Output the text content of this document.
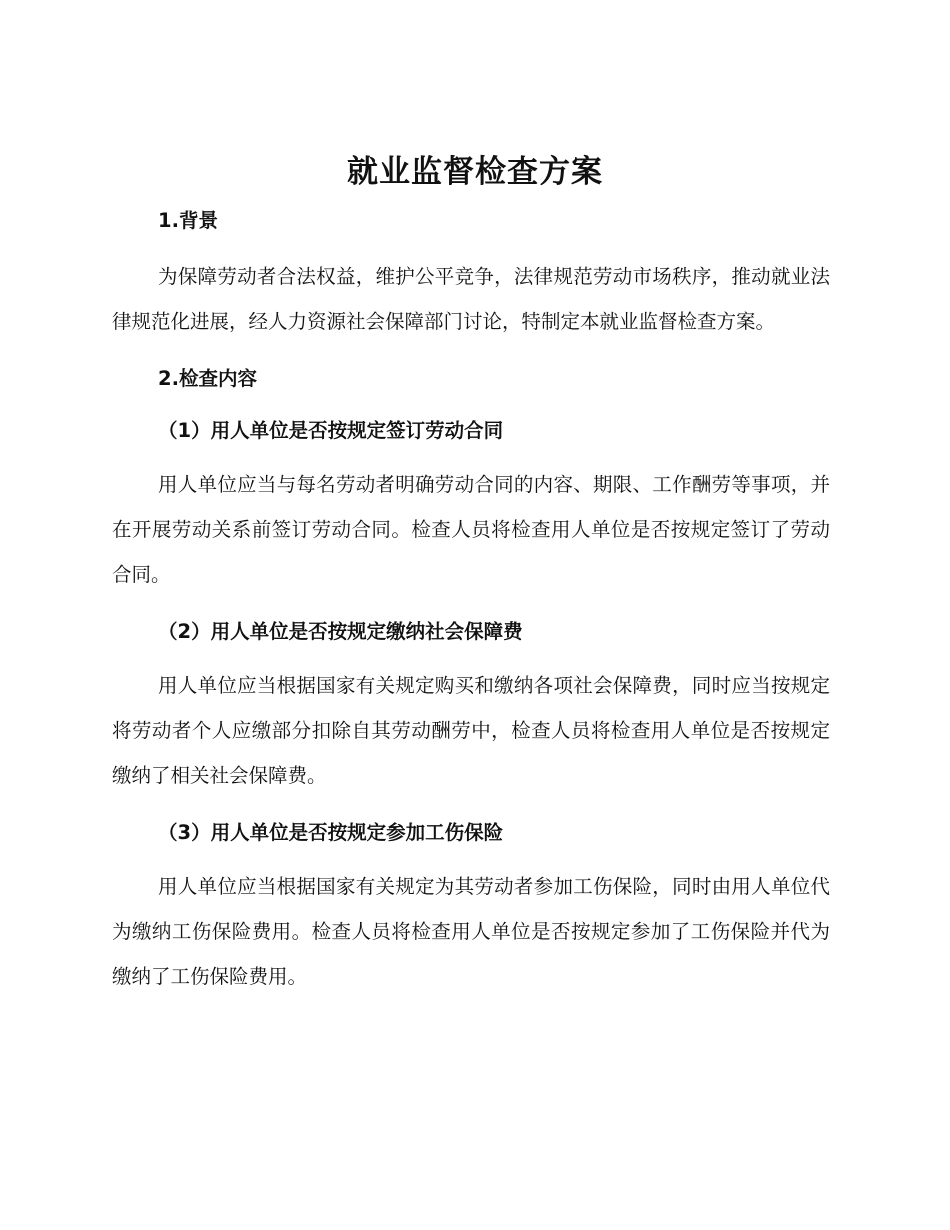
就业监督检查方案
1.背景

为保障劳动者合法权益，维护公平竞争，法律规范劳动市场秩序，推动就业法律规范化进展，经人力资源社会保障部门讨论，特制定本就业监督检查方案。

2.检查内容
（1）用人单位是否按规定签订劳动合同

用人单位应当与每名劳动者明确劳动合同的内容、期限、工作酬劳等事项，并在开展劳动关系前签订劳动合同。检查人员将检查用人单位是否按规定签订了劳动合同。

（2）用人单位是否按规定缴纳社会保障费

用人单位应当根据国家有关规定购买和缴纳各项社会保障费，同时应当按规定将劳动者个人应缴部分扣除自其劳动酬劳中，检查人员将检查用人单位是否按规定缴纳了相关社会保障费。

（3）用人单位是否按规定参加工伤保险

用人单位应当根据国家有关规定为其劳动者参加工伤保险，同时由用人单位代为缴纳工伤保险费用。检查人员将检查用人单位是否按规定参加了工伤保险并代为缴纳了工伤保险费用。
